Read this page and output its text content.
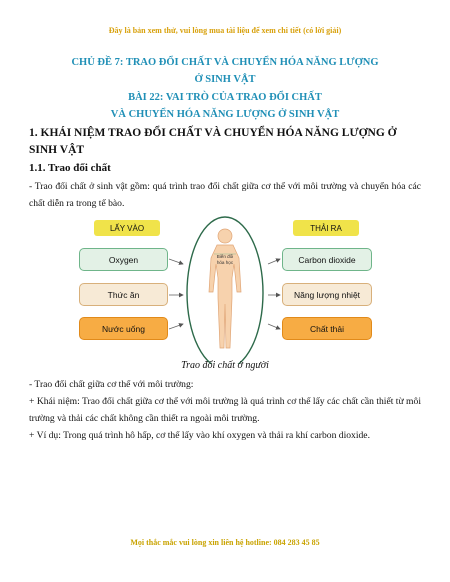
Đây là bản xem thử, vui lòng mua tài liệu để xem chi tiết (có lời giải)
CHỦ ĐỀ 7: TRAO ĐỔI CHẤT VÀ CHUYỂN HÓA NĂNG LƯỢNG
Ở SINH VẬT
BÀI 22: VAI TRÒ CỦA TRAO ĐỔI CHẤT
VÀ CHUYỂN HÓA NĂNG LƯỢNG Ở SINH VẬT
1. KHÁI NIỆM TRAO ĐỔI CHẤT VÀ CHUYỂN HÓA NĂNG LƯỢNG Ở
SINH VẬT
1.1. Trao đổi chất

- Trao đổi chất ở sinh vật gồm: quá trình trao đổi chất giữa cơ thể với môi trường và chuyển hóa các chất diễn ra trong tế bào.

LẤY VÀO	THẢI RA
Oxygen
Thức ăn
Nước uống
Carbon dioxide
Năng lượng nhiệt
Chất thải
Biến đổi hóa học
Trao đổi chất ở người

- Trao đổi chất giữa cơ thể với môi trường:

+ Khái niệm: Trao đổi chất giữa cơ thể với môi trường là quá trình cơ thể lấy các chất cần thiết từ môi trường và thải các chất không cần thiết ra ngoài môi trường.

+ Ví dụ: Trong quá trình hô hấp, cơ thể lấy vào khí oxygen và thải ra khí carbon dioxide.

Mọi thắc mắc vui lòng xin liên hệ hotline: 084 283 45 85
